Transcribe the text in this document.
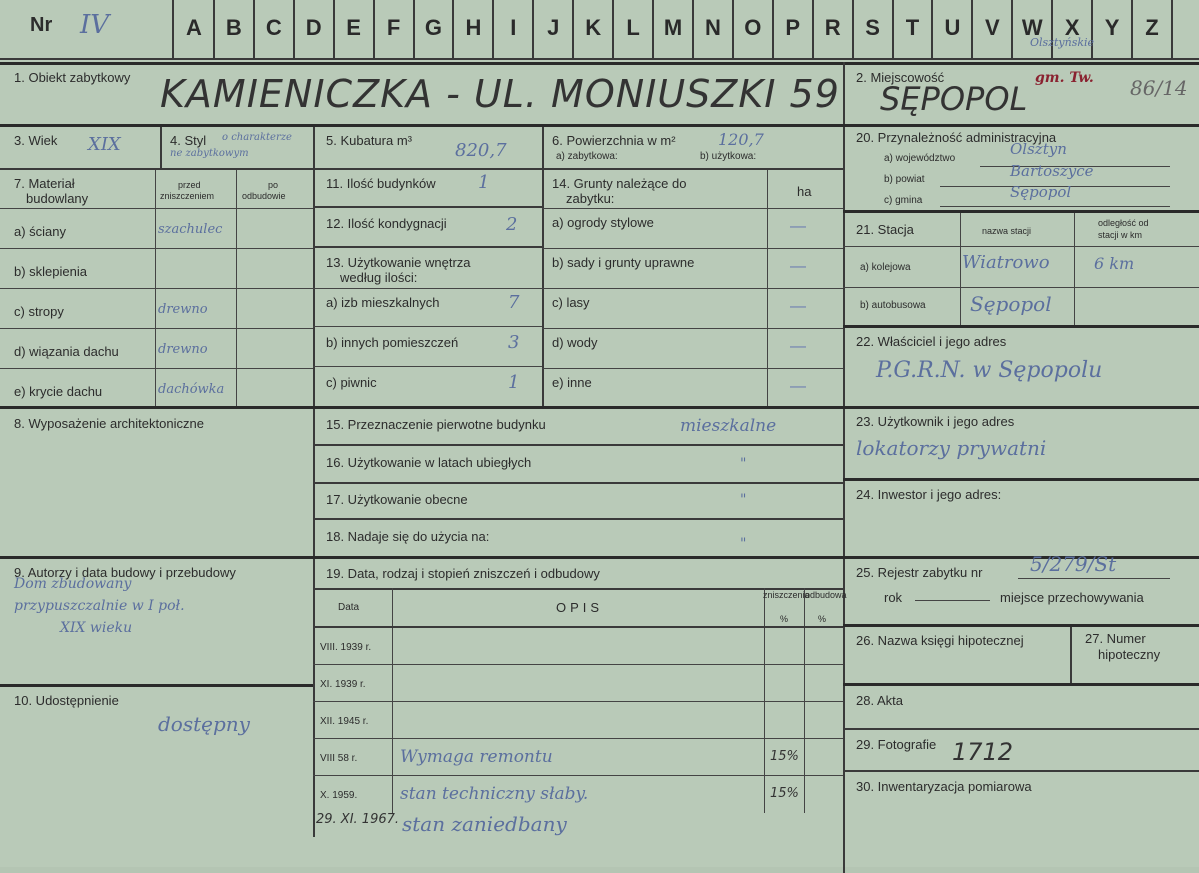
Nr IV	A	B	C	D	E	F	G	H	I	J	K	L	M	N	O	P	R	S	T	U	V	W	X	Y	Z
Olsztyńskie
1. Obiekt zabytkowy KAMIENICZKA - UL. MONIUSZKI 59 2. Miejscowość
SĘPOPOL
gm. Tw. 86/14
3. Wiek XIX	4. Styl o charakterze
ne zabytkowym
5. Kubatura m³ 820,7	6. Powierzchnia w m²	120,7
a) zabytkowa:	b) użytkowa:
20. Przynależność administracyjna
a) województwo
Olsztyn
b) powiat	Bartoszyce
c) gmina	Sępopol
7. Materiał
budowlany
przed
zniszczeniem
po
odbudowie
a) ściany	szachulec
b) sklepienia
c) stropy	drewno
d) wiązania dachu	drewno
e) krycie dachu	dachówka
11. Ilość budynków 1
12. Ilość kondygnacji	2
13. Użytkowanie wnętrza
według ilości:
a) izb mieszkalnych	7
b) innych pomieszczeń	3
c) piwnic	1
14. Grunty należące do
zabytku:	ha
a) ogrody stylowe	—
b) sady i grunty uprawne	—
c) lasy	—
d) wody	—
e) inne	—
21. Stacja	nazwa stacji
odległość od
stacji w km
a) kolejowa	Wiatrowo	6 km
b) autobusowa Sępopol
22. Właściciel i jego adres
P.G.R.N. w Sępopolu
8. Wyposażenie architektoniczne	15. Przeznaczenie pierwotne budynku	mieszkalne
16. Użytkowanie w latach ubiegłych	"
17. Użytkowanie obecne	"
18. Nadaje się do użycia na:	"
23. Użytkownik i jego adres
lokatorzy prywatni
24. Inwestor i jego adres:
9. Autorzy i data budowy i przebudowy
Dom zbudowany
przypuszczalnie w I poł.
XIX wieku
19. Data, rodzaj i stopień zniszczeń i odbudowy
Data	OPIS
zniszczenia
%
odbudowa
%
VIII. 1939 r.
XI. 1939 r.
XII. 1945 r.
VIII 58 r.	Wymaga remontu	15%
X. 1959.	stan techniczny słaby.	15%
29. XI. 1967. stan zaniedbany
25. Rejestr zabytku nr 5/279/St
rok	miejsce przechowywania
26. Nazwa księgi hipotecznej	27. Numer
hipoteczny
10. Udostępnienie
dostępny
28. Akta
29. Fotografie 1712
30. Inwentaryzacja pomiarowa
